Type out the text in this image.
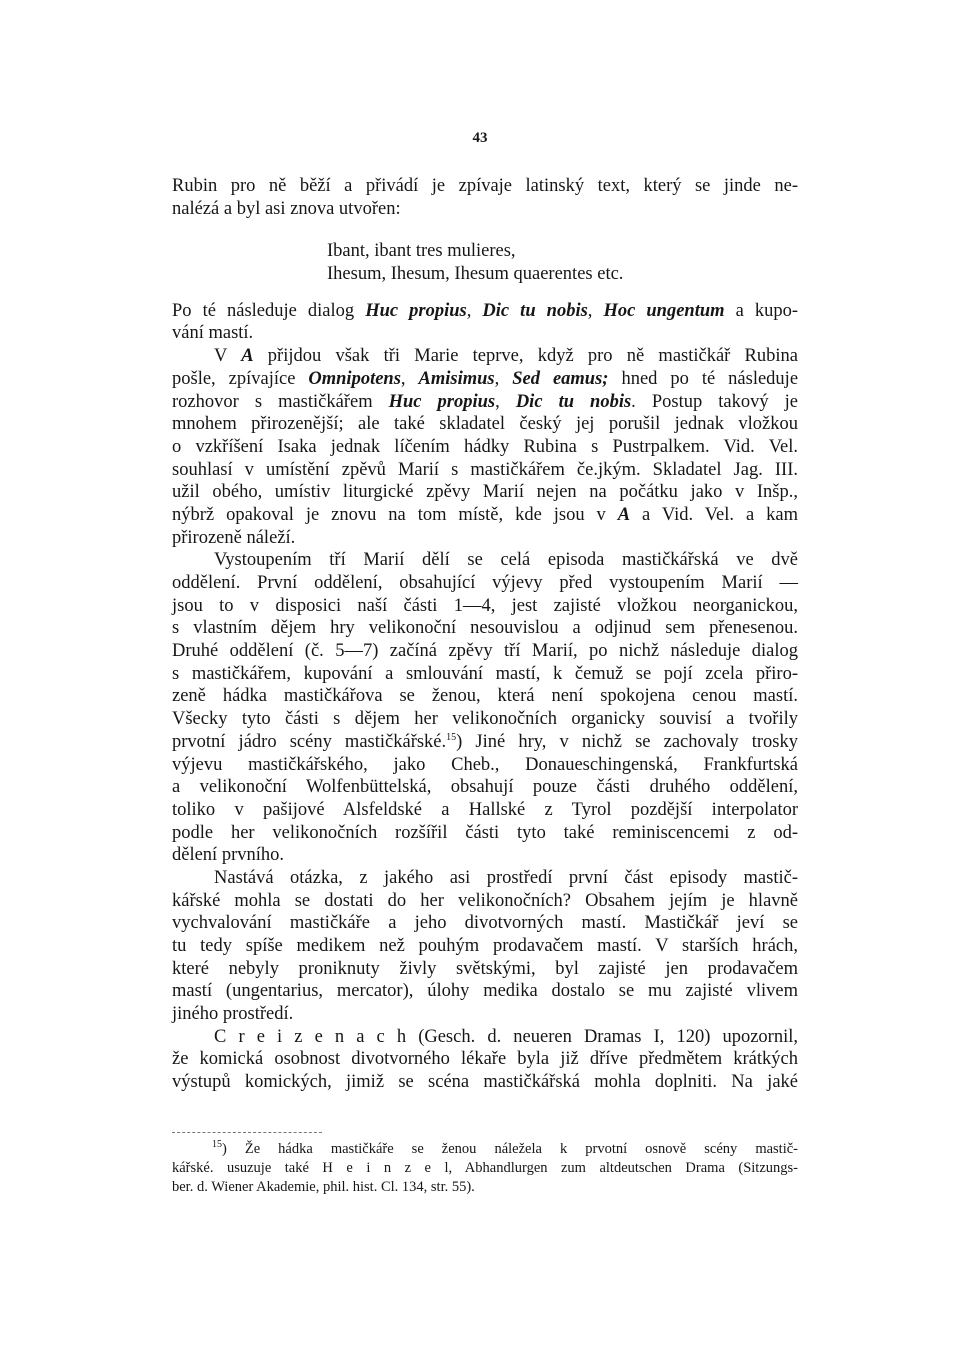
43
Rubin pro ně běží a přivádí je zpívaje latinský text, který se jinde ne-
nalézá a byl asi znova utvořen:
Ibant, ibant tres mulieres,
Ihesum, Ihesum, Ihesum quaerentes etc.
Po té následuje dialog Huc propius, Dic tu nobis, Hoc ungentum a kupo-
vání mastí.
V A přijdou však tři Marie teprve, když pro ně mastičkář Rubina
pošle, zpívajíce Omnipotens, Amisimus, Sed eamus; hned po té následuje
rozhovor s mastičkářem Huc propius, Dic tu nobis. Postup takový je
mnohem přirozenější; ale také skladatel český jej porušil jednak vložkou
o vzkříšení Isaka jednak líčením hádky Rubina s Pustrpalkem. Vid. Vel.
souhlasí v umístění zpěvů Marií s mastičkářem če.jkým. Skladatel Jag. III.
užil obého, umístiv liturgické zpěvy Marií nejen na počátku jako v Inšp.,
nýbrž opakoval je znovu na tom místě, kde jsou v A a Vid. Vel. a kam
přirozeně náleží.
Vystoupením tří Marií dělí se celá episoda mastičkářská ve dvě
oddělení. První oddělení, obsahující výjevy před vystoupením Marií —
jsou to v disposici naší části 1—4, jest zajisté vložkou neorganickou,
s vlastním dějem hry velikonoční nesouvislou a odjinud sem přenesenou.
Druhé oddělení (č. 5—7) začíná zpěvy tří Marií, po nichž následuje dialog
s mastičkářem, kupování a smlouvání mastí, k čemuž se pojí zcela přiro-
zeně hádka mastičkářova se ženou, která není spokojena cenou mastí.
Všecky tyto části s dějem her velikonočních organicky souvisí a tvořily
prvotní jádro scény mastičkářské.$^{15}$) Jiné hry, v nichž se zachovaly trosky
výjevu mastičkářského, jako Cheb., Donaueschingenská, Frankfurtská
a velikonoční Wolfenbüttelská, obsahují pouze části druhého oddělení,
toliko v pašijové Alsfeldské a Hallské z Tyrol pozdější interpolator
podle her velikonočních rozšířil části tyto také reminiscencemi z od-
dělení prvního.
Nastává otázka, z jakého asi prostředí první část episody mastič-
kářské mohla se dostati do her velikonočních? Obsahem jejím je hlavně
vychvalování mastičkáře a jeho divotvorných mastí. Mastičkář jeví se
tu tedy spíše medikem než pouhým prodavačem mastí. V starších hrách,
které nebyly proniknuty živly světskými, byl zajisté jen prodavačem
mastí (ungentarius, mercator), úlohy medika dostalo se mu zajisté vlivem
jiného prostředí.
C r e i z e n a c h (Gesch. d. neueren Dramas I, 120) upozornil,
že komická osobnost divotvorného lékaře byla již dříve předmětem krátkých
výstupů komických, jimiž se scéna mastičkářská mohla doplniti. Na jaké
$^{15}$) Že hádka mastičkáře se ženou náležela k prvotní osnově scény mastič-
kářské. usuzuje také H e i n z e l, Abhandlurgen zum altdeutschen Drama (Sitzungs-
ber. d. Wiener Akademie, phil. hist. Cl. 134, str. 55).
